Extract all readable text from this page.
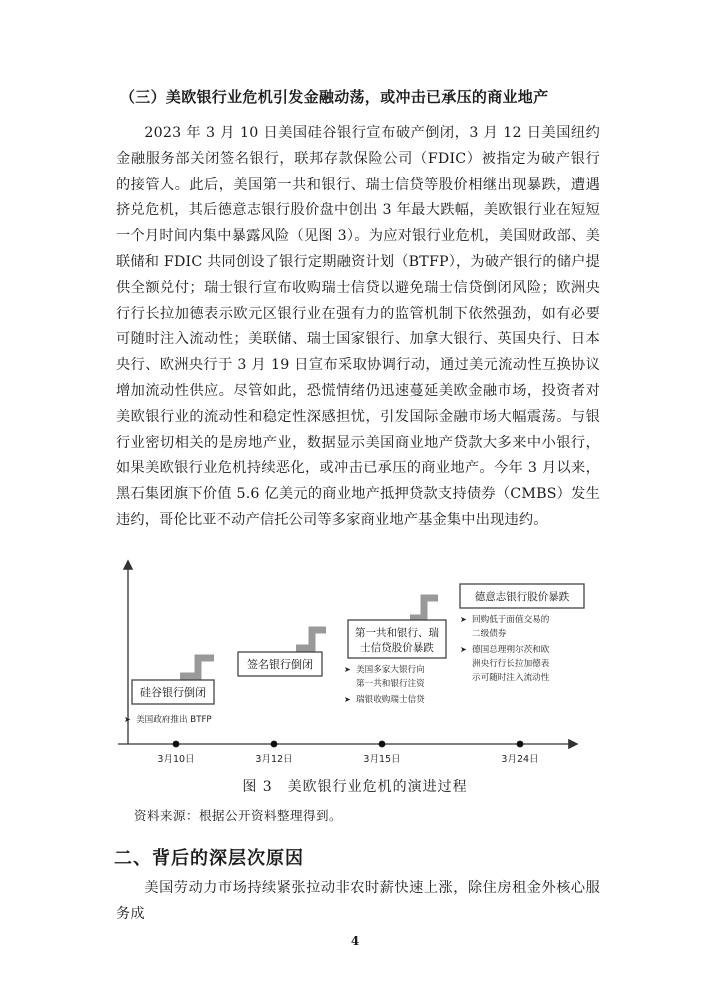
（三）美欧银行业危机引发金融动荡，或冲击已承压的商业地产
2023 年 3 月 10 日美国硅谷银行宣布破产倒闭，3 月 12 日美国纽约金融服务部关闭签名银行，联邦存款保险公司（FDIC）被指定为破产银行的接管人。此后，美国第一共和银行、瑞士信贷等股价相继出现暴跌，遭遇挤兑危机，其后德意志银行股价盘中创出 3 年最大跌幅，美欧银行业在短短一个月时间内集中暴露风险（见图 3）。为应对银行业危机，美国财政部、美联储和 FDIC 共同创设了银行定期融资计划（BTFP），为破产银行的储户提供全额兑付；瑞士银行宣布收购瑞士信贷以避免瑞士信贷倒闭风险；欧洲央行行长拉加德表示欧元区银行业在强有力的监管机制下依然强劲，如有必要可随时注入流动性；美联储、瑞士国家银行、加拿大银行、英国央行、日本央行、欧洲央行于 3 月 19 日宣布采取协调行动，通过美元流动性互换协议增加流动性供应。尽管如此，恐慌情绪仍迅速蔓延美欧金融市场，投资者对美欧银行业的流动性和稳定性深感担忧，引发国际金融市场大幅震荡。与银行业密切相关的是房地产业，数据显示美国商业地产贷款大多来中小银行，如果美欧银行业危机持续恶化，或冲击已承压的商业地产。今年 3 月以来，黑石集团旗下价值 5.6 亿美元的商业地产抵押贷款支持债券（CMBS）发生违约，哥伦比亚不动产信托公司等多家商业地产基金集中出现违约。
硅谷银行倒闭
签名银行倒闭
第一共和银行、瑞
士信贷股价暴跌
德意志银行股价暴跌
➤ 美国政府推出 BTFP
➤ 美国多家大银行向
第一共和银行注资
➤ 瑞银收购瑞士信贷
➤ 回购低于面值交易的
二级债券
➤ 德国总理朔尔茨和欧
洲央行行长拉加德表
示可随时注入流动性
3月10日	3月12日	3月15日	3月24日
图 3　美欧银行业危机的演进过程
资料来源：根据公开资料整理得到。
二、背后的深层次原因
美国劳动力市场持续紧张拉动非农时薪快速上涨，除住房租金外核心服务成
4
